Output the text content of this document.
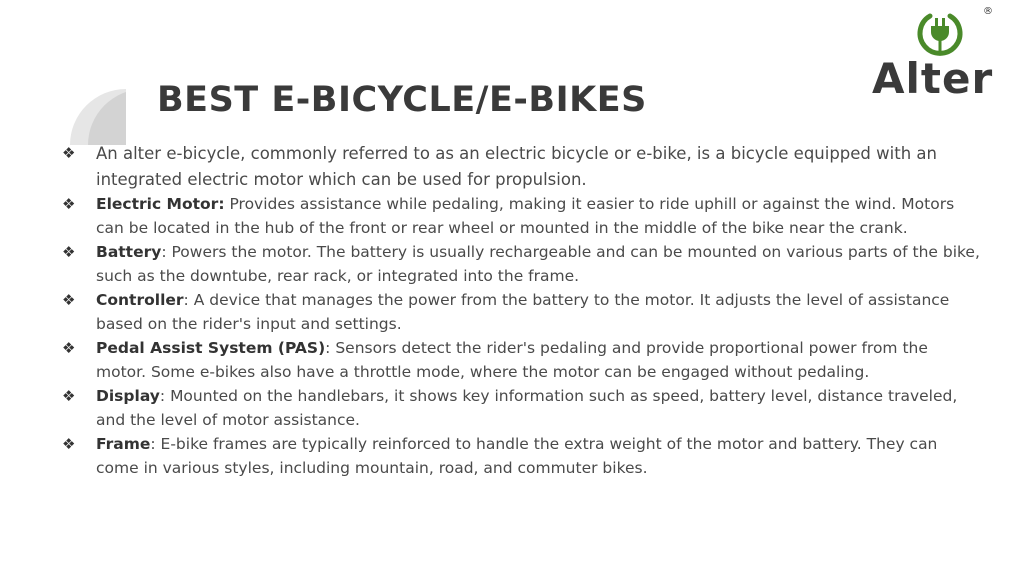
BEST E-BICYCLE/E-BIKES
®
Alter
❖ An alter e-bicycle, commonly referred to as an electric bicycle or e-bike, is a bicycle equipped with an integrated electric motor which can be used for propulsion.
❖ Electric Motor: Provides assistance while pedaling, making it easier to ride uphill or against the wind. Motors can be located in the hub of the front or rear wheel or mounted in the middle of the bike near the crank.
❖ Battery: Powers the motor. The battery is usually rechargeable and can be mounted on various parts of the bike, such as the downtube, rear rack, or integrated into the frame.
❖ Controller: A device that manages the power from the battery to the motor. It adjusts the level of assistance based on the rider's input and settings.
❖ Pedal Assist System (PAS): Sensors detect the rider's pedaling and provide proportional power from the motor. Some e-bikes also have a throttle mode, where the motor can be engaged without pedaling.
❖ Display: Mounted on the handlebars, it shows key information such as speed, battery level, distance traveled, and the level of motor assistance.
❖ Frame: E-bike frames are typically reinforced to handle the extra weight of the motor and battery. They can come in various styles, including mountain, road, and commuter bikes.
